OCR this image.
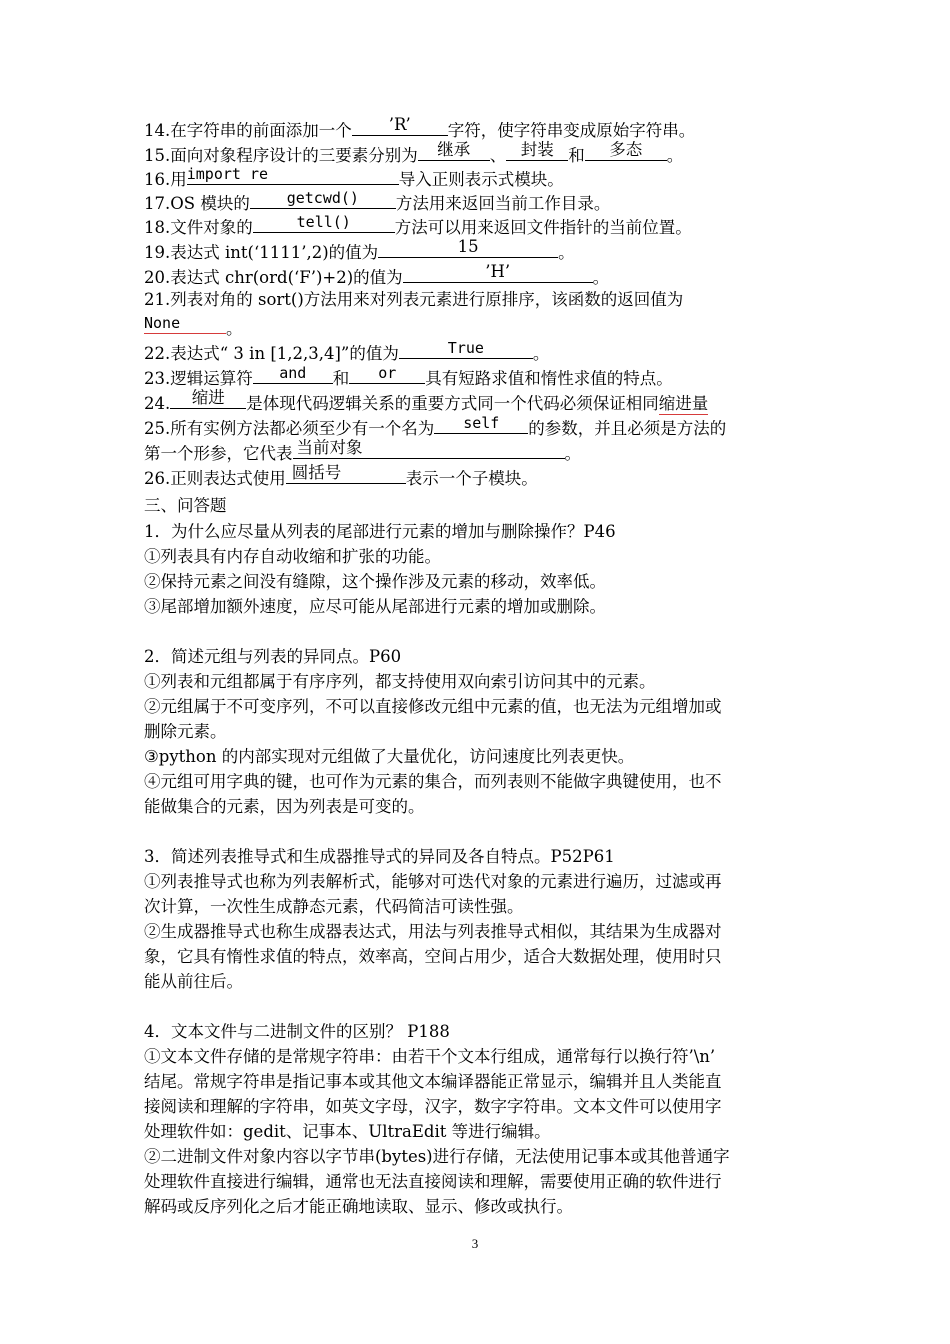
14.在字符串的前面添加一个 ’R’ 字符，使字符串变成原始字符串。
15.面向对象程序设计的三要素分别为 继承 、 封装 和 多态 。
16.用import re	导入正则表示式模块。
17.OS 模块的 getcwd() 方法用来返回当前工作目录。
18.文件对象的	tell()	方法可以用来返回文件指针的当前位置。
19.表达式 int(‘1111’,2)的值为	15	。
20.表达式 chr(ord(‘F’)+2)的值为	’H’	。
21.列表对角的 sort()方法用来对列表元素进行原排序，该函数的返回值为
None	。
22.表达式“ 3 in [1,2,3,4]”的值为	True	。
23.逻辑运算符 and 和 or 具有短路求值和惰性求值的特点。
24. 缩进 是体现代码逻辑关系的重要方式同一个代码必须保证相同缩进量
25.所有实例方法都必须至少有一个名为 self 的参数，并且必须是方法的
第一个形参，它代表 当前对象	。
26.正则表达式使用 圆括号	表示一个子模块。
三、问答题
1．为什么应尽量从列表的尾部进行元素的增加与删除操作？P46
①列表具有内存自动收缩和扩张的功能。
②保持元素之间没有缝隙，这个操作涉及元素的移动，效率低。
③尾部增加额外速度，应尽可能从尾部进行元素的增加或删除。
2．简述元组与列表的异同点。P60
①列表和元组都属于有序序列，都支持使用双向索引访问其中的元素。
②元组属于不可变序列，不可以直接修改元组中元素的值，也无法为元组增加或
删除元素。
③python 的内部实现对元组做了大量优化，访问速度比列表更快。
④元组可用字典的键，也可作为元素的集合，而列表则不能做字典键使用，也不
能做集合的元素，因为列表是可变的。
3．简述列表推导式和生成器推导式的异同及各自特点。P52P61
①列表推导式也称为列表解析式，能够对可迭代对象的元素进行遍历，过滤或再
次计算，一次性生成静态元素，代码简洁可读性强。
②生成器推导式也称生成器表达式，用法与列表推导式相似，其结果为生成器对
象，它具有惰性求值的特点，效率高，空间占用少，适合大数据处理，使用时只
能从前往后。
4．文本文件与二进制文件的区别？ P188
①文本文件存储的是常规字符串：由若干个文本行组成，通常每行以换行符’\n’
结尾。常规字符串是指记事本或其他文本编译器能正常显示，编辑并且人类能直
接阅读和理解的字符串，如英文字母，汉字，数字字符串。文本文件可以使用字
处理软件如：gedit、记事本、UltraEdit 等进行编辑。
②二进制文件对象内容以字节串(bytes)进行存储，无法使用记事本或其他普通字
处理软件直接进行编辑，通常也无法直接阅读和理解，需要使用正确的软件进行
解码或反序列化之后才能正确地读取、显示、修改或执行。
3
